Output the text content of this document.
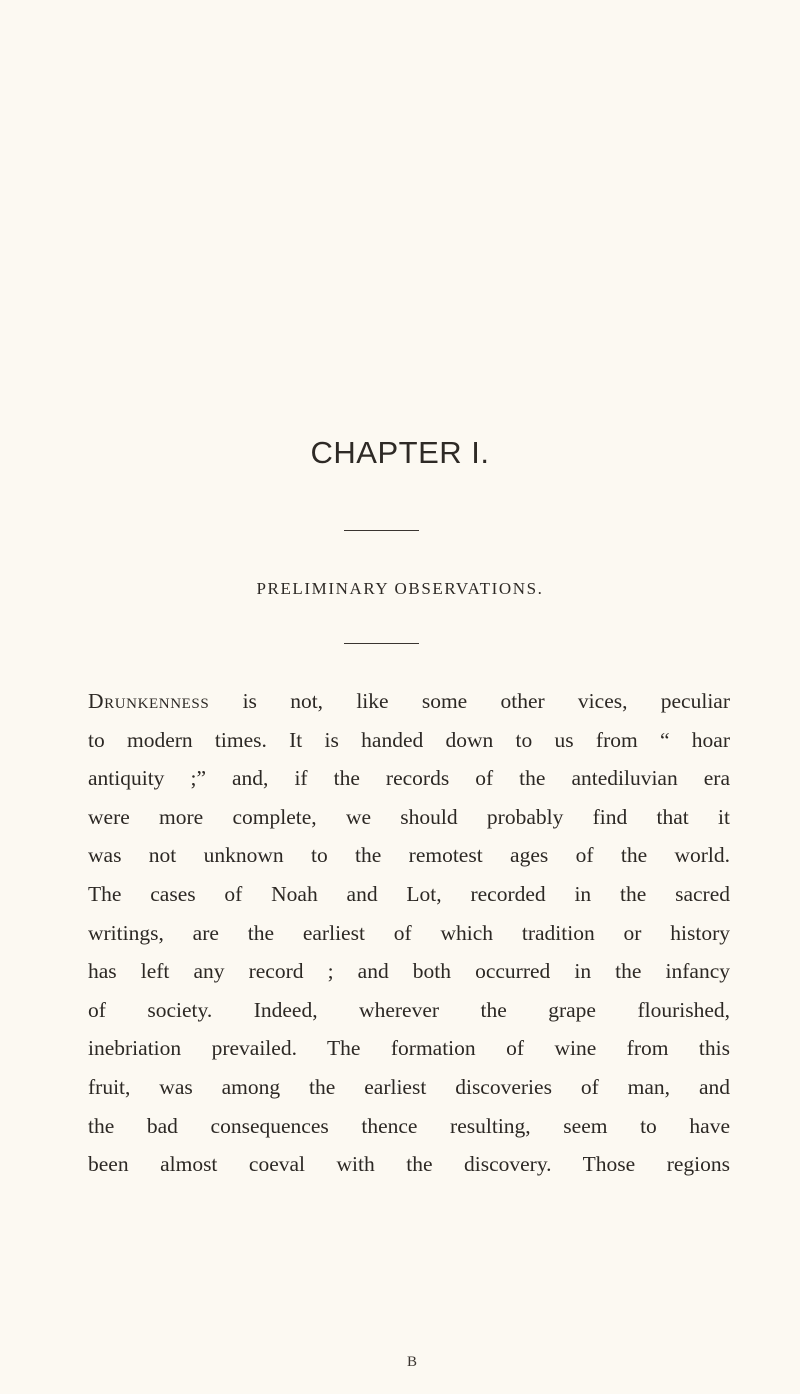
CHAPTER I.
PRELIMINARY OBSERVATIONS.
Drunkenness is not, like some other vices, peculiar
to modern times. It is handed down to us from “ hoar
antiquity ;” and, if the records of the antediluvian era
were more complete, we should probably find that it
was not unknown to the remotest ages of the world.
The cases of Noah and Lot, recorded in the sacred
writings, are the earliest of which tradition or history
has left any record ; and both occurred in the infancy
of society. Indeed, wherever the grape flourished,
inebriation prevailed. The formation of wine from this
fruit, was among the earliest discoveries of man, and
the bad consequences thence resulting, seem to have
been almost coeval with the discovery. Those regions
B
